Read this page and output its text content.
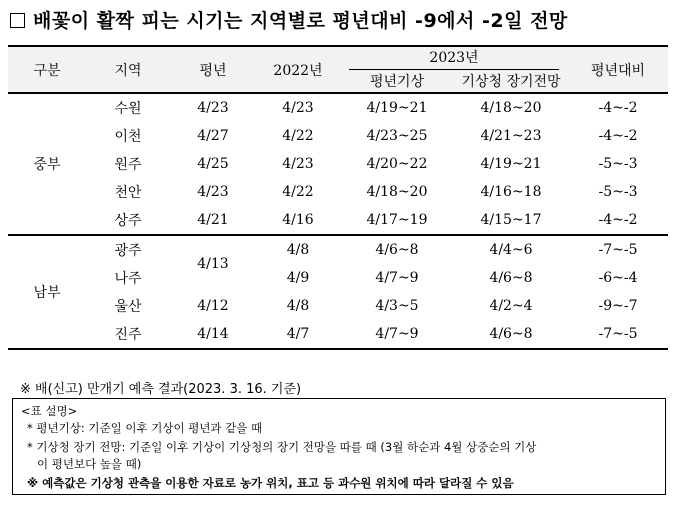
배꽃이 활짝 피는 시기는 지역별로 평년대비 -9에서 -2일 전망
구분	지역	평년	2022년	2023년		평년대비
				평년기상	기상청 장기전망	
중부	수원	4/23	4/23	4/19~21	4/18~20	-4~-2
	이천	4/27	4/22	4/23~25	4/21~23	-4~-2
	원주	4/25	4/23	4/20~22	4/19~21	-5~-3
	천안	4/23	4/22	4/18~20	4/16~18	-5~-3
	상주	4/21	4/16	4/17~19	4/15~17	-4~-2
남부	광주	4/13	4/8	4/6~8	4/4~6	-7~-5
	나주		4/9	4/7~9	4/6~8	-6~-4
	울산	4/12	4/8	4/3~5	4/2~4	-9~-7
	진주	4/14	4/7	4/7~9	4/6~8	-7~-5
※ 배(신고) 만개기 예측 결과(2023. 3. 16. 기준)
<표 설명>
* 평년기상: 기준일 이후 기상이 평년과 같을 때
* 기상청 장기 전망: 기준일 이후 기상이 기상청의 장기 전망을 따를 때 (3월 하순과 4월 상중순의 기상
이 평년보다 높을 때)
※ 예측값은 기상청 관측을 이용한 자료로 농가 위치, 표고 등 과수원 위치에 따라 달라질 수 있음
